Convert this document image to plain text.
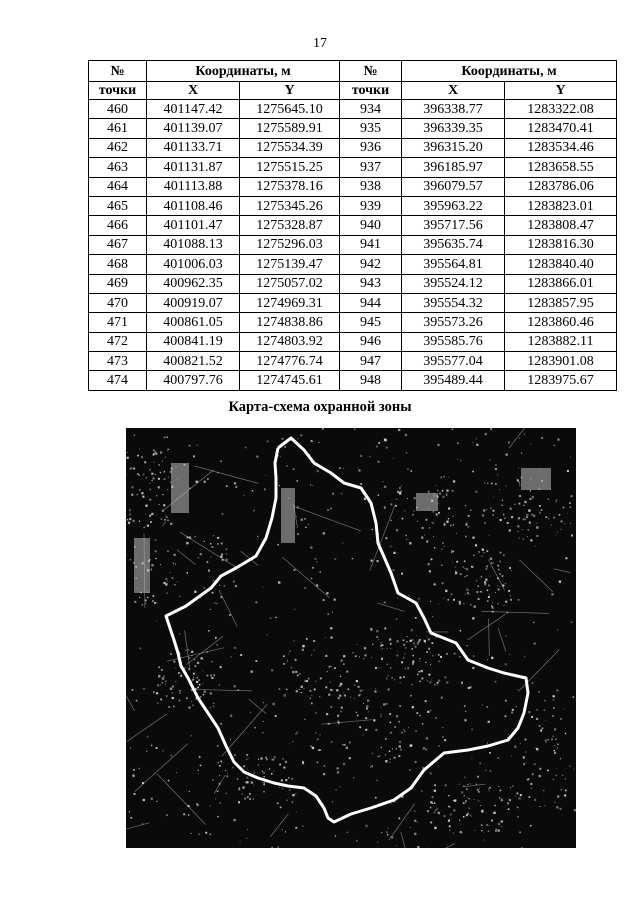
17
№	Координаты, м		№	Координаты, м	
точки	X	Y	точки	X	Y
460	401147.42	1275645.10	934	396338.77	1283322.08
461	401139.07	1275589.91	935	396339.35	1283470.41
462	401133.71	1275534.39	936	396315.20	1283534.46
463	401131.87	1275515.25	937	396185.97	1283658.55
464	401113.88	1275378.16	938	396079.57	1283786.06
465	401108.46	1275345.26	939	395963.22	1283823.01
466	401101.47	1275328.87	940	395717.56	1283808.47
467	401088.13	1275296.03	941	395635.74	1283816.30
468	401006.03	1275139.47	942	395564.81	1283840.40
469	400962.35	1275057.02	943	395524.12	1283866.01
470	400919.07	1274969.31	944	395554.32	1283857.95
471	400861.05	1274838.86	945	395573.26	1283860.46
472	400841.19	1274803.92	946	395585.76	1283882.11
473	400821.52	1274776.74	947	395577.04	1283901.08
474	400797.76	1274745.61	948	395489.44	1283975.67
Карта-схема охранной зоны
